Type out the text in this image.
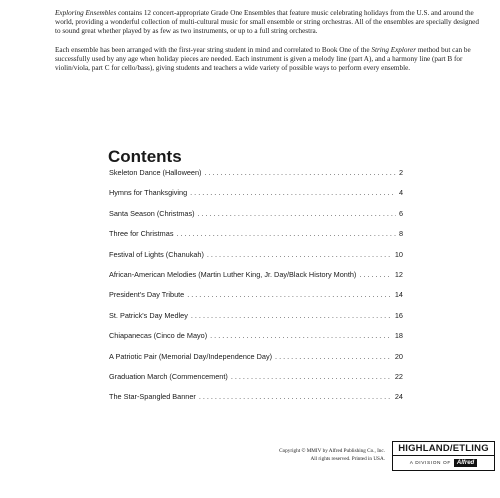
Exploring Ensembles contains 12 concert-appropriate Grade One Ensembles that feature music celebrating holidays from the U.S. and around the world, providing a wonderful collection of multi-cultural music for small ensemble or string orchestras. All of the ensembles are specially designed to sound great whether played by as few as two instruments, or up to a full string orchestra.

Each ensemble has been arranged with the first-year string student in mind and correlated to Book One of the String Explorer method but can be successfully used by any age when holiday pieces are needed. Each instrument is given a melody line (part A), and a harmony line (part B for violin/viola, part C for cello/bass), giving students and teachers a wide variety of possible ways to perform every ensemble.

Contents
Skeleton Dance (Halloween) .....	2
Hymns for Thanksgiving .....	4
Santa Season (Christmas) .....	6
Three for Christmas .....	8
Festival of Lights (Chanukah) .....	10
African-American Melodies (Martin Luther King, Jr. Day/Black History Month) .....	12
President's Day Tribute .....	14
St. Patrick's Day Medley .....	16
Chiapanecas (Cinco de Mayo) .....	18
A Patriotic Pair (Memorial Day/Independence Day) .....	20
Graduation March (Commencement) .....	22
The Star-Spangled Banner .....	24
Copyright © MMIV by Alfred Publishing Co., Inc.
All rights reserved. Printed in USA.
HIGHLAND/ETLING
A DIVISION OF	Alfred
